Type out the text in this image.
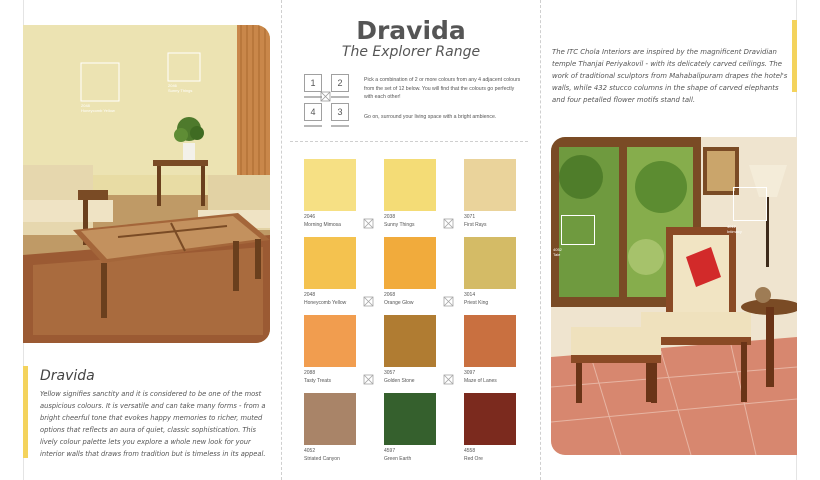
2048
Honeycomb Yellow
2046
Sunny Things
Dravida
Yellow signifies sanctity and it is considered to be one of the most auspicious colours. It is versatile and can take many forms - from a bright cheerful tone that evokes happy memories to richer, muted options that reflects an aura of quiet, classic sophistication. This lively colour palette lets you explore a whole new look for your interior walls that draws from tradition but is timeless in its appeal.
Dravida
The Explorer Range
1	2
4	3
Pick a combination of 2 or more colours from any 4 adjacent colours from the set of 12 below. You will find that the colours go perfectly with each other!
Go on, surround your living space with a bright ambience.
2046
Morning Mimosa
2038
Sunny Things
3071
First Rays
2048
Honeycomb Yellow
2068
Orange Glow
3014
Priest King
2088
Tasty Treats
3057
Golden Stone
3097
Maze of Lanes
4052
Striated Canyon
4597
Green Earth
4558
Red Ore
The ITC Chola Interiors are inspired by the magnificent Dravidian temple Thanjai Periyakovil - with its delicately carved ceilings. The work of traditional sculptors from Mahabalipuram drapes the hotel's walls, while 432 stucco columns in the shape of carved elephants and four petalled flower motifs stand tall.
4012
Intimacy
4052
Tale
